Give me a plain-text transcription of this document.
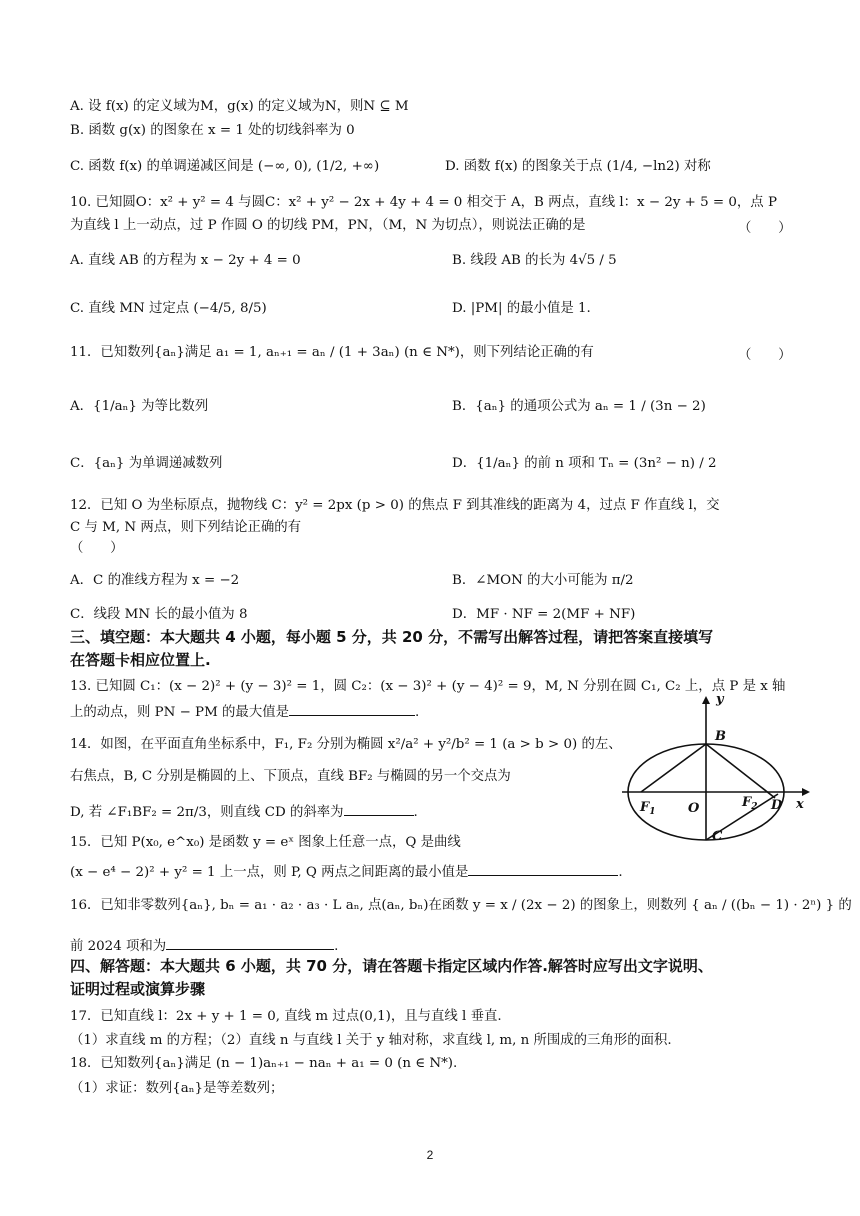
A. 设 f(x) 的定义域为M，g(x) 的定义域为N，则N ⊆ M
B. 函数 g(x) 的图象在 x = 1 处的切线斜率为 0
C. 函数 f(x) 的单调递减区间是 (−∞, 0), (1/2, +∞)	D. 函数 f(x) 的图象关于点 (1/4, −ln2) 对称
10. 已知圆O：x² + y² = 4 与圆C：x² + y² − 2x + 4y + 4 = 0 相交于 A，B 两点，直线 l：x − 2y + 5 = 0，点 P
为直线 l 上一动点，过 P 作圆 O 的切线 PM，PN，（M，N 为切点），则说法正确的是	（　　）
A. 直线 AB 的方程为 x − 2y + 4 = 0	B. 线段 AB 的长为 4√5 / 5
C. 直线 MN 过定点 (−4/5, 8/5)	D. |PM| 的最小值是 1.
11．已知数列{aₙ}满足 a₁ = 1, aₙ₊₁ = aₙ / (1 + 3aₙ) (n ∈ N*)，则下列结论正确的有	（　　）
A．{1/aₙ} 为等比数列	B．{aₙ} 的通项公式为 aₙ = 1 / (3n − 2)
C．{aₙ} 为单调递减数列	D．{1/aₙ} 的前 n 项和 Tₙ = (3n² − n) / 2
12．已知 O 为坐标原点，抛物线 C：y² = 2px (p > 0) 的焦点 F 到其准线的距离为 4，过点 F 作直线 l，交
C 与 M, N 两点，则下列结论正确的有
（　　）
A．C 的准线方程为 x = −2	B．∠MON 的大小可能为 π/2
C．线段 MN 长的最小值为 8	D．MF · NF = 2(MF + NF)
三、填空题：本大题共 4 小题，每小题 5 分，共 20 分，不需写出解答过程，请把答案直接填写
在答题卡相应位置上.
13. 已知圆 C₁：(x − 2)² + (y − 3)² = 1，圆 C₂：(x − 3)² + (y − 4)² = 9，M, N 分别在圆 C₁, C₂ 上，点 P 是 x 轴
上的动点，则 PN − PM 的最大值是	.
14．如图，在平面直角坐标系中，F₁, F₂ 分别为椭圆 x²/a² + y²/b² = 1 (a > b > 0) 的左、
右焦点，B, C 分别是椭圆的上、下顶点，直线 BF₂ 与椭圆的另一个交点为
D, 若 ∠F₁BF₂ = 2π/3，则直线 CD 的斜率为	.
y
x
B
O
C
$F_1$
$F_2$ D
15．已知 P(x₀, e^x₀) 是函数 y = eˣ 图象上任意一点，Q 是曲线
(x − e⁴ − 2)² + y² = 1 上一点，则 P, Q 两点之间距离的最小值是	.
16．已知非零数列{aₙ}, bₙ = a₁ · a₂ · a₃ · L aₙ, 点(aₙ, bₙ)在函数 y = x / (2x − 2) 的图象上，则数列 { aₙ / ((bₙ − 1) · 2ⁿ) } 的
前 2024 项和为	.
四、解答题：本大题共 6 小题，共 70 分，请在答题卡指定区域内作答.解答时应写出文字说明、
证明过程或演算步骤
17．已知直线 l：2x + y + 1 = 0, 直线 m 过点(0,1)，且与直线 l 垂直.
（1）求直线 m 的方程；（2）直线 n 与直线 l 关于 y 轴对称，求直线 l, m, n 所围成的三角形的面积.
18．已知数列{aₙ}满足 (n − 1)aₙ₊₁ − naₙ + a₁ = 0 (n ∈ N*).
（1）求证：数列{aₙ}是等差数列；
2
